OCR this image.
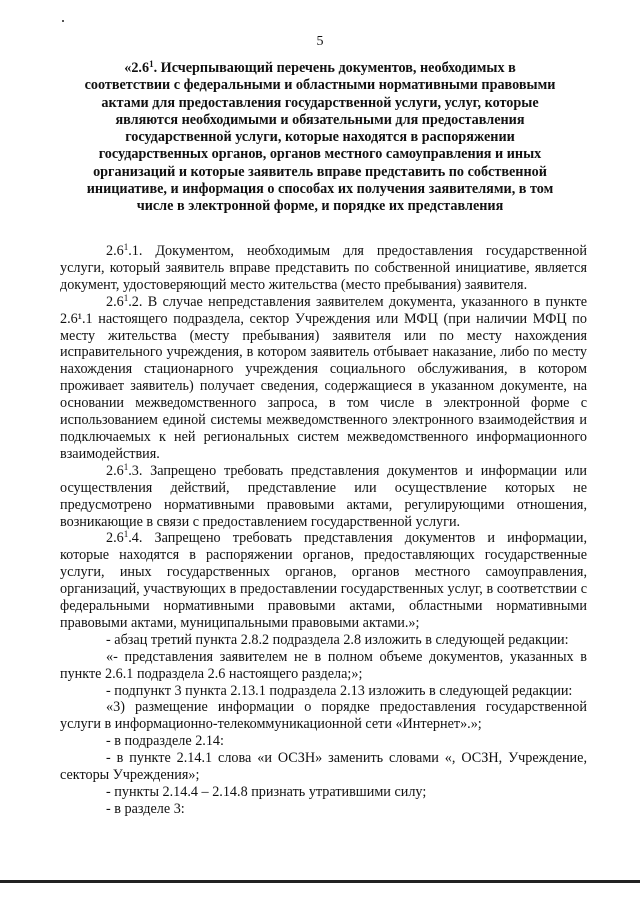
5
«$2.6^1$. Исчерпывающий перечень документов, необходимых в соответствии с федеральными и областными нормативными правовыми актами для предоставления государственной услуги, услуг, которые являются необходимыми и обязательными для предоставления государственной услуги, которые находятся в распоряжении государственных органов, органов местного самоуправления и иных организаций и которые заявитель вправе представить по собственной инициативе, и информация о способах их получения заявителями, в том числе в электронной форме, и порядке их представления

$2.6^1.1$. Документом, необходимым для предоставления государственной услуги, который заявитель вправе представить по собственной инициативе, является документ, удостоверяющий место жительства (место пребывания) заявителя.

$2.6^1.2$. В случае непредставления заявителем документа, указанного в пункте 2.6¹.1 настоящего подраздела, сектор Учреждения или МФЦ (при наличии МФЦ по месту жительства (месту пребывания) заявителя или по месту нахождения исправительного учреждения, в котором заявитель отбывает наказание, либо по месту нахождения стационарного учреждения социального обслуживания, в котором проживает заявитель) получает сведения, содержащиеся в указанном документе, на основании межведомственного запроса, в том числе в электронной форме с использованием единой системы межведомственного электронного взаимодействия и подключаемых к ней региональных систем межведомственного информационного взаимодействия.

$2.6^1.3$. Запрещено требовать представления документов и информации или осуществления действий, представление или осуществление которых не предусмотрено нормативными правовыми актами, регулирующими отношения, возникающие в связи с предоставлением государственной услуги.

$2.6^1.4$. Запрещено требовать представления документов и информации, которые находятся в распоряжении органов, предоставляющих государственные услуги, иных государственных органов, органов местного самоуправления, организаций, участвующих в предоставлении государственных услуг, в соответствии с федеральными нормативными правовыми актами, областными нормативными правовыми актами, муниципальными правовыми актами.»;

- абзац третий пункта 2.8.2 подраздела 2.8 изложить в следующей редакции:

«- представления заявителем не в полном объеме документов, указанных в пункте 2.6.1 подраздела 2.6 настоящего раздела;»;

- подпункт 3 пункта 2.13.1 подраздела 2.13 изложить в следующей редакции:

«3) размещение информации о порядке предоставления государственной услуги в информационно-телекоммуникационной сети «Интернет».»;

- в подразделе 2.14:

- в пункте 2.14.1 слова «и ОСЗН» заменить словами «, ОСЗН, Учреждение, секторы Учреждения»;

- пункты 2.14.4 – 2.14.8 признать утратившими силу;

- в разделе 3:
